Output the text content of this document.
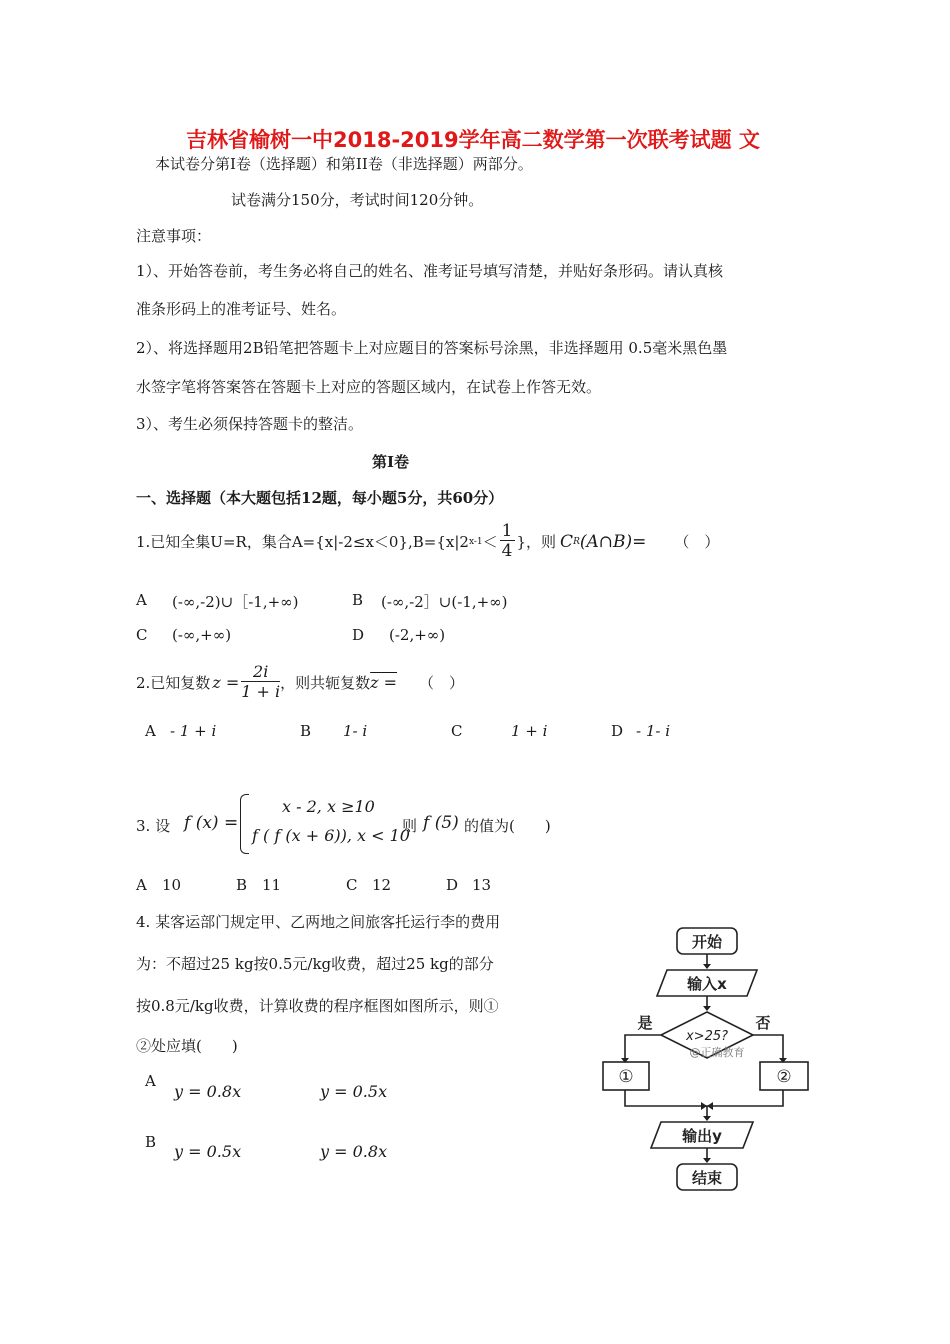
吉林省榆树一中2018-2019学年高二数学第一次联考试题 文
本试卷分第Ⅰ卷（选择题）和第II卷（非选择题）两部分。
试卷满分150分，考试时间120分钟。
注意事项：
1）、开始答卷前，考生务必将自己的姓名、准考证号填写清楚，并贴好条形码。请认真核
准条形码上的准考证号、姓名。
2）、将选择题用2B铅笔把答题卡上对应题目的答案标号涂黑，非选择题用 0.5毫米黑色墨
水签字笔将答案答在答题卡上对应的答题区域内，在试卷上作答无效。
3）、考生必须保持答题卡的整洁。
第Ⅰ卷
一、选择题（本大题包括12题，每小题5分，共60分）
1.已知全集U=R，集合A={x|-2≤x＜0},B={x|2 $x-1 < \frac{1}{4}$ }，则 C R (A∩B)= （　）
A (-∞,-2)∪［-1,+∞)	B (-∞,-2］∪(-1,+∞)
C (-∞,+∞)	D (-2,+∞)
2.已知复数 $z = \frac{2i}{1 + i}$ ，则共轭复数 z = （　）
A - 1 + i	B 1- i	C	1 + i	D - 1- i
3. 设 f (x) =
x - 2, x ≥10
f ( f (x + 6)), x < 10
则 f (5) 的值为(　　)
A 10	B 11	C 12	D 13
4. 某客运部门规定甲、乙两地之间旅客托运行李的费用
为：不超过25 kg按0.5元/kg收费，超过25 kg的部分
按0.8元/kg收费，计算收费的程序框图如图所示，则①
②处应填(　　)
A
y = 0.8x	y = 0.5x
B y = 0.5x	y = 0.8x
开始
输入x
x>25?
是	否
①	②
输出y
结束
@正确教育
